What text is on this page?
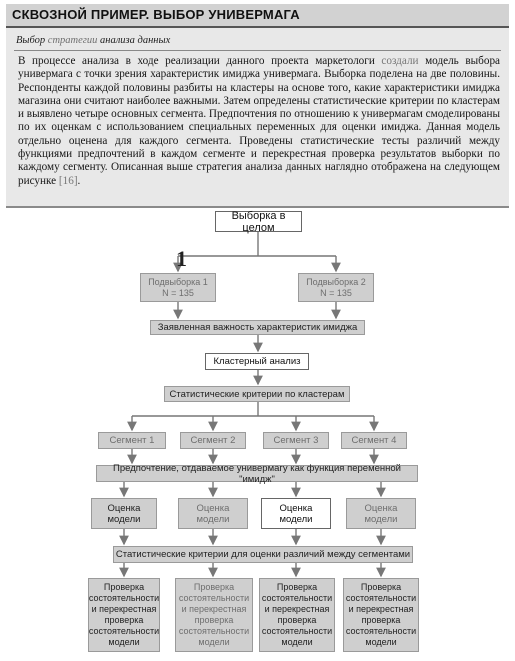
СКВОЗНОЙ ПРИМЕР. ВЫБОР УНИВЕРМАГА
Выбор стратегии анализа данных

В процессе анализа в ходе реализации данного проекта маркетологи создали модель выбора универмага с точки зрения характеристик имиджа универмага. Выборка поделена на две половины. Респонденты каждой половины разбиты на кластеры на основе того, какие характеристики имиджа магазина они считают наиболее важными. Затем определены статистические критерии по кластерам и выявлено четыре основных сегмента. Предпочтения по отношению к универмагам смоделированы по их оценкам с использованием специальных переменных для оценки имиджа. Данная модель отдельно оценена для каждого сегмента. Проведены статистические тесты различий между функциями предпочтений в каждом сегменте и перекрестная проверка результатов выборки по каждому сегменту. Описанная выше стратегия анализа данных наглядно отображена на следующем рисунке [16].

Выборка в целом
1
Подвыборка 1
N = 135
Подвыборка 2
N = 135
Заявленная важность характеристик имиджа
Кластерный анализ
Статистические критерии по кластерам
Сегмент 1	Сегмент 2	Сегмент 3	Сегмент 4
Предпочтение, отдаваемое универмагу как функция переменной "имидж"
Оценка модели
Оценка модели
Оценка модели
Оценка модели
Статистические критерии для оценки различий между сегментами
Проверка состоятельности и перекрестная проверка состоятельности модели
Проверка состоятельности и перекрестная проверка состоятельности модели
Проверка состоятельности и перекрестная проверка состоятельности модели
Проверка состоятельности и перекрестная проверка состоятельности модели
